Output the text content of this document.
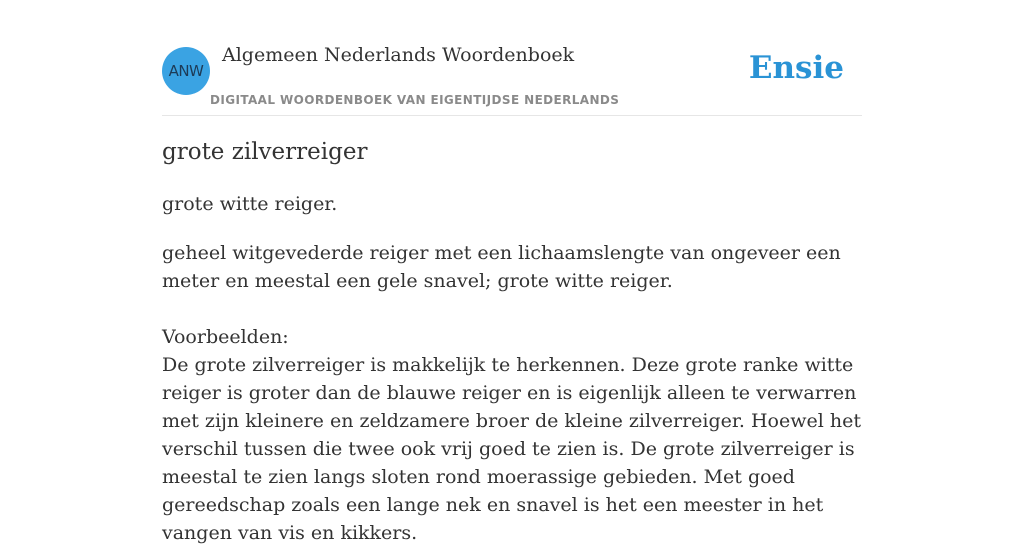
ANW
Algemeen Nederlands Woordenboek
DIGITAAL WOORDENBOEK VAN EIGENTIJDSE NEDERLANDS
Ensie
grote zilverreiger
grote witte reiger.
geheel witgevederde reiger met een lichaamslengte van ongeveer een meter en meestal een gele snavel; grote witte reiger.
Voorbeelden:
De grote zilverreiger is makkelijk te herkennen. Deze grote ranke witte reiger is groter dan de blauwe reiger en is eigenlijk alleen te verwarren met zijn kleinere en zeldzamere broer de kleine zilverreiger. Hoewel het verschil tussen die twee ook vrij goed te zien is. De grote zilverreiger is meestal te zien langs sloten rond moerassige gebieden. Met goed gereedschap zoals een lange nek en snavel is het een meester in het vangen van vis en kikkers.
